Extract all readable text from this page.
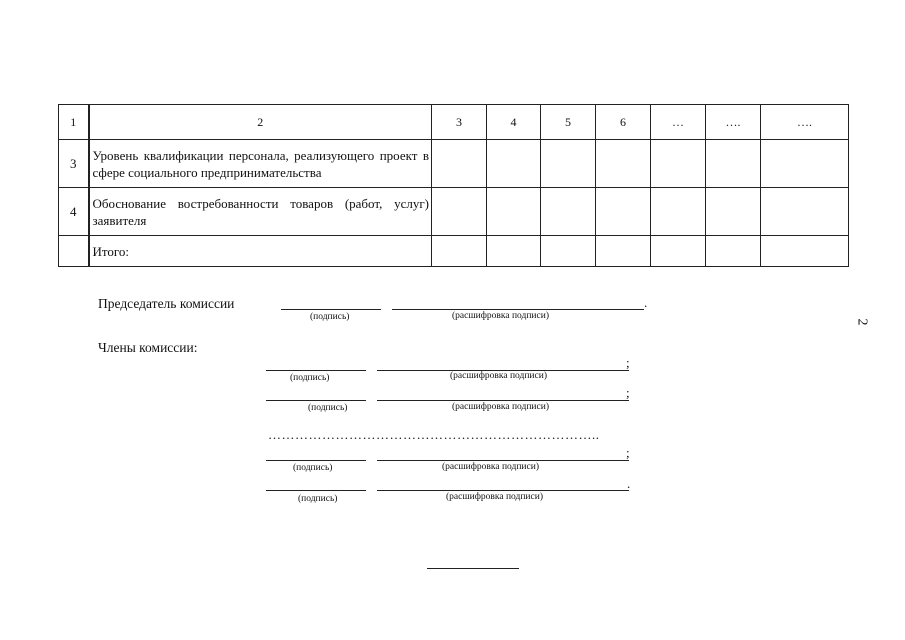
1	2	3	4	5	6	…	….	….
3	Уровень квалификации персонала, реализующего проект в сфере социального предпринимательства							
4	Обоснование востребованности товаров (работ, услуг) заявителя							
	Итого:							
Председатель комиссии	.
(подпись)	(расшифровка подписи)
Члены комиссии:
;
(подпись)	(расшифровка подписи)
;
(подпись)	(расшифровка подписи)
………………………………………………………………..
;
(подпись)	(расшифровка подписи)
.
(подпись)	(расшифровка подписи)
2
